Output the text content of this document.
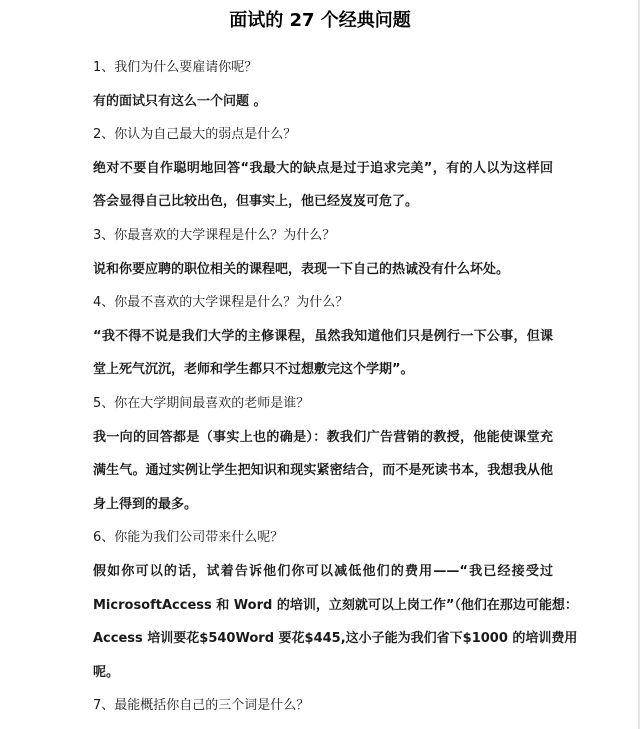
面试的 27 个经典问题
1、我们为什么要雇请你呢？
有的面试只有这么一个问题 。
2、你认为自己最大的弱点是什么？
绝对不要自作聪明地回答“我最大的缺点是过于追求完美”，有的人以为这样回
答会显得自己比较出色，但事实上，他已经岌岌可危了。
3、你最喜欢的大学课程是什么？为什么？
说和你要应聘的职位相关的课程吧，表现一下自己的热诚没有什么坏处。
4、你最不喜欢的大学课程是什么？为什么？
“我不得不说是我们大学的主修课程，虽然我知道他们只是例行一下公事，但课
堂上死气沉沉，老师和学生都只不过想敷完这个学期”。
5、你在大学期间最喜欢的老师是谁？
我一向的回答都是（事实上也的确是）：教我们广告营销的教授，他能使课堂充
满生气。通过实例让学生把知识和现实紧密结合，而不是死读书本，我想我从他
身上得到的最多。
6、你能为我们公司带来什么呢？
假如你可以的话，试着告诉他们你可以减低他们的费用——“我已经接受过
MicrosoftAccess 和 Word 的培训，立刻就可以上岗工作”（他们在那边可能想：
Access 培训要花$540Word 要花$445,这小子能为我们省下$1000 的培训费用
呢。
7、最能概括你自己的三个词是什么？
